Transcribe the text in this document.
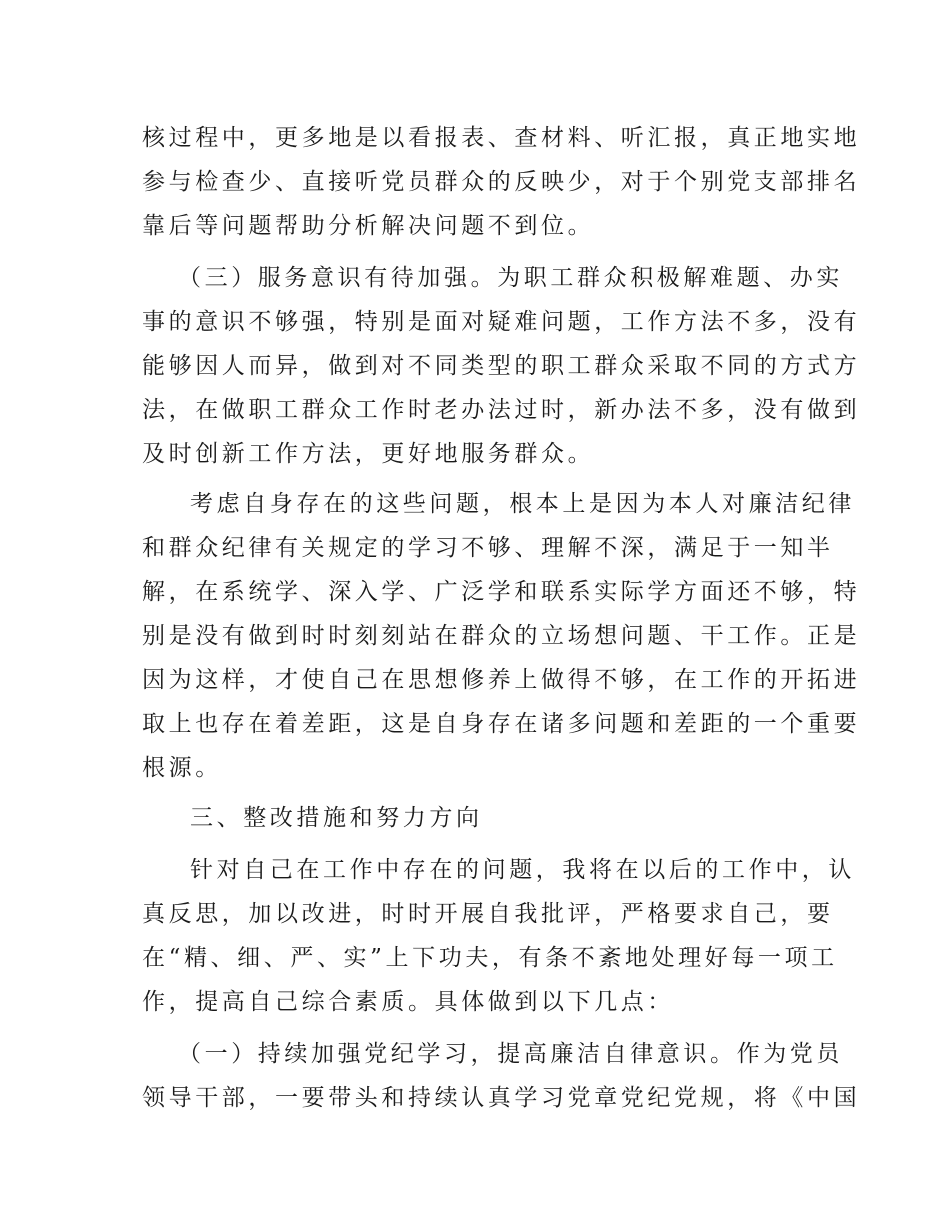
核过程中，更多地是以看报表、查材料、听汇报，真正地实地
参与检查少、直接听党员群众的反映少，对于个别党支部排名
靠后等问题帮助分析解决问题不到位。
（三）服务意识有待加强。为职工群众积极解难题、办实
事的意识不够强，特别是面对疑难问题，工作方法不多，没有
能够因人而异，做到对不同类型的职工群众采取不同的方式方
法，在做职工群众工作时老办法过时，新办法不多，没有做到
及时创新工作方法，更好地服务群众。
考虑自身存在的这些问题，根本上是因为本人对廉洁纪律
和群众纪律有关规定的学习不够、理解不深，满足于一知半
解，在系统学、深入学、广泛学和联系实际学方面还不够，特
别是没有做到时时刻刻站在群众的立场想问题、干工作。正是
因为这样，才使自己在思想修养上做得不够，在工作的开拓进
取上也存在着差距，这是自身存在诸多问题和差距的一个重要
根源。
三、整改措施和努力方向
针对自己在工作中存在的问题，我将在以后的工作中，认
真反思，加以改进，时时开展自我批评，严格要求自己，要
在“精、细、严、实”上下功夫，有条不紊地处理好每一项工
作，提高自己综合素质。具体做到以下几点：
（一）持续加强党纪学习，提高廉洁自律意识。作为党员
领导干部，一要带头和持续认真学习党章党纪党规，将《中国
